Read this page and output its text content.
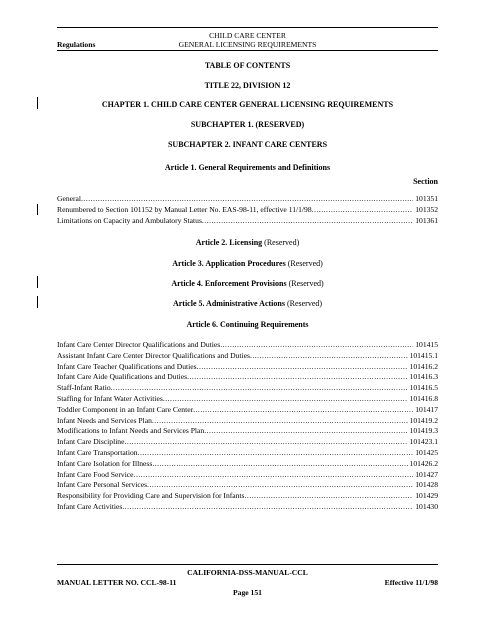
CHILD CARE CENTER
Regulations	GENERAL LICENSING REQUIREMENTS
TABLE OF CONTENTS
TITLE 22, DIVISION 12
CHAPTER 1. CHILD CARE CENTER GENERAL LICENSING REQUIREMENTS
SUBCHAPTER 1. (RESERVED)
SUBCHAPTER 2. INFANT CARE CENTERS
Article 1. General Requirements and Definitions
Section
General .....	101351
Renumbered to Section 101152 by Manual Letter No. EAS-98-11, effective 11/1/98 .....	101352
Limitations on Capacity and Ambulatory Status .....	101361
Article 2. Licensing (Reserved)
Article 3. Application Procedures (Reserved)
Article 4. Enforcement Provisions (Reserved)
Article 5. Administrative Actions (Reserved)
Article 6. Continuing Requirements
Infant Care Center Director Qualifications and Duties .....	101415
Assistant Infant Care Center Director Qualifications and Duties .....	101415.1
Infant Care Teacher Qualifications and Duties .....	101416.2
Infant Care Aide Qualifications and Duties .....	101416.3
Staff-Infant Ratio .....	101416.5
Staffing for Infant Water Activities .....	101416.8
Toddler Component in an Infant Care Center .....	101417
Infant Needs and Services Plan .....	101419.2
Modifications to Infant Needs and Services Plan .....	101419.3
Infant Care Discipline .....	101423.1
Infant Care Transportation .....	101425
Infant Care Isolation for Illness .....	101426.2
Infant Care Food Service .....	101427
Infant Care Personal Services .....	101428
Responsibility for Providing Care and Supervision for Infants .....	101429
Infant Care Activities .....	101430
CALIFORNIA-DSS-MANUAL-CCL
MANUAL LETTER NO. CCL-98-11	Effective 11/1/98
Page 151
